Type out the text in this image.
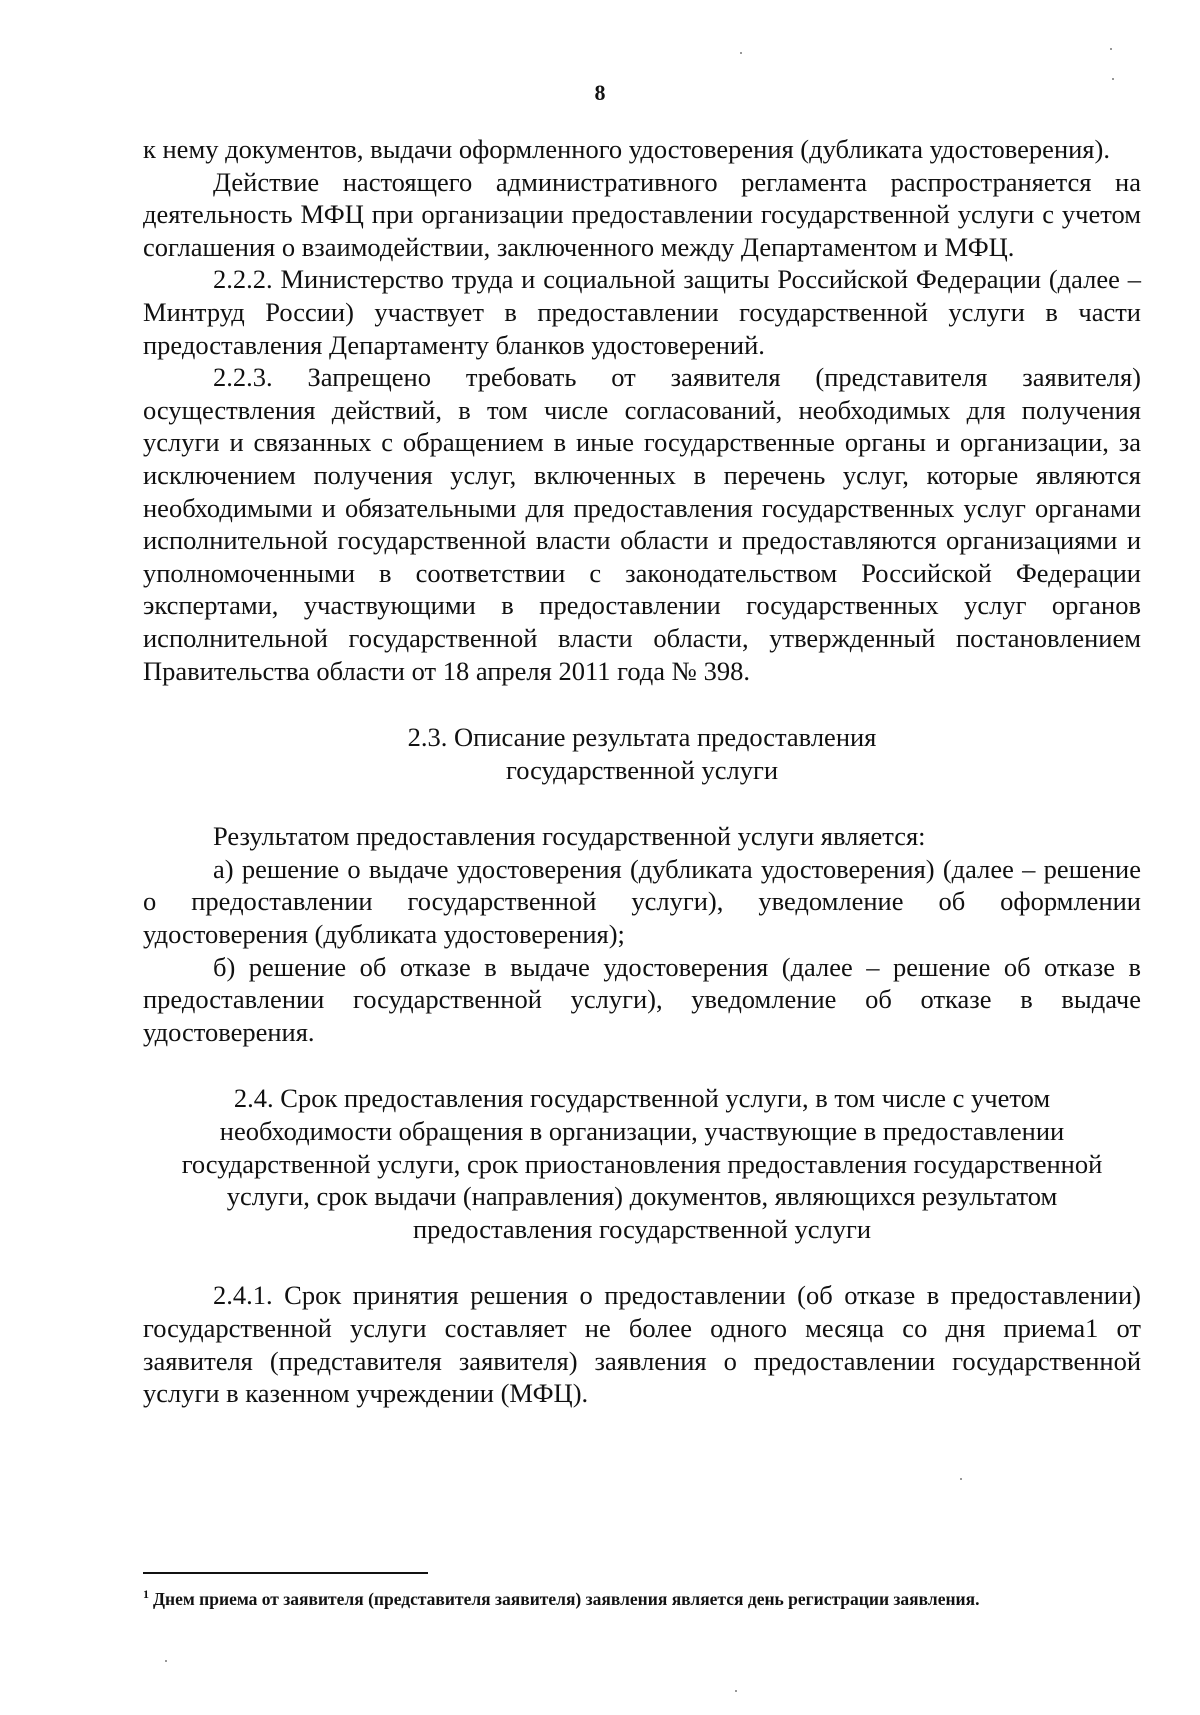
8

к нему документов, выдачи оформленного удостоверения (дубликата удостоверения).

Действие настоящего административного регламента распространяется на деятельность МФЦ при организации предоставлении государственной услуги с учетом соглашения о взаимодействии, заключенного между Департаментом и МФЦ.

2.2.2. Министерство труда и социальной защиты Российской Федерации (далее – Минтруд России) участвует в предоставлении государственной услуги в части предоставления Департаменту бланков удостоверений.

2.2.3. Запрещено требовать от заявителя (представителя заявителя) осуществления действий, в том числе согласований, необходимых для получения услуги и связанных с обращением в иные государственные органы и организации, за исключением получения услуг, включенных в перечень услуг, которые являются необходимыми и обязательными для предоставления государственных услуг органами исполнительной государственной власти области и предоставляются организациями и уполномоченными в соответствии с законодательством Российской Федерации экспертами, участвующими в предоставлении государственных услуг органов исполнительной государственной власти области, утвержденный постановлением Правительства области от 18 апреля 2011 года № 398.

2.3. Описание результата предоставления

государственной услуги

Результатом предоставления государственной услуги является:

а) решение о выдаче удостоверения (дубликата удостоверения) (далее – решение о предоставлении государственной услуги), уведомление об оформлении удостоверения (дубликата удостоверения);

б) решение об отказе в выдаче удостоверения (далее – решение об отказе в предоставлении государственной услуги), уведомление об отказе в выдаче удостоверения.

2.4. Срок предоставления государственной услуги, в том числе с учетом

необходимости обращения в организации, участвующие в предоставлении

государственной услуги, срок приостановления предоставления государственной

услуги, срок выдачи (направления) документов, являющихся результатом

предоставления государственной услуги

2.4.1. Срок принятия решения о предоставлении (об отказе в предоставлении) государственной услуги составляет не более одного месяца со дня приема1 от заявителя (представителя заявителя) заявления о предоставлении государственной услуги в казенном учреждении (МФЦ).

$^1$ Днем приема от заявителя (представителя заявителя) заявления является день регистрации заявления.
